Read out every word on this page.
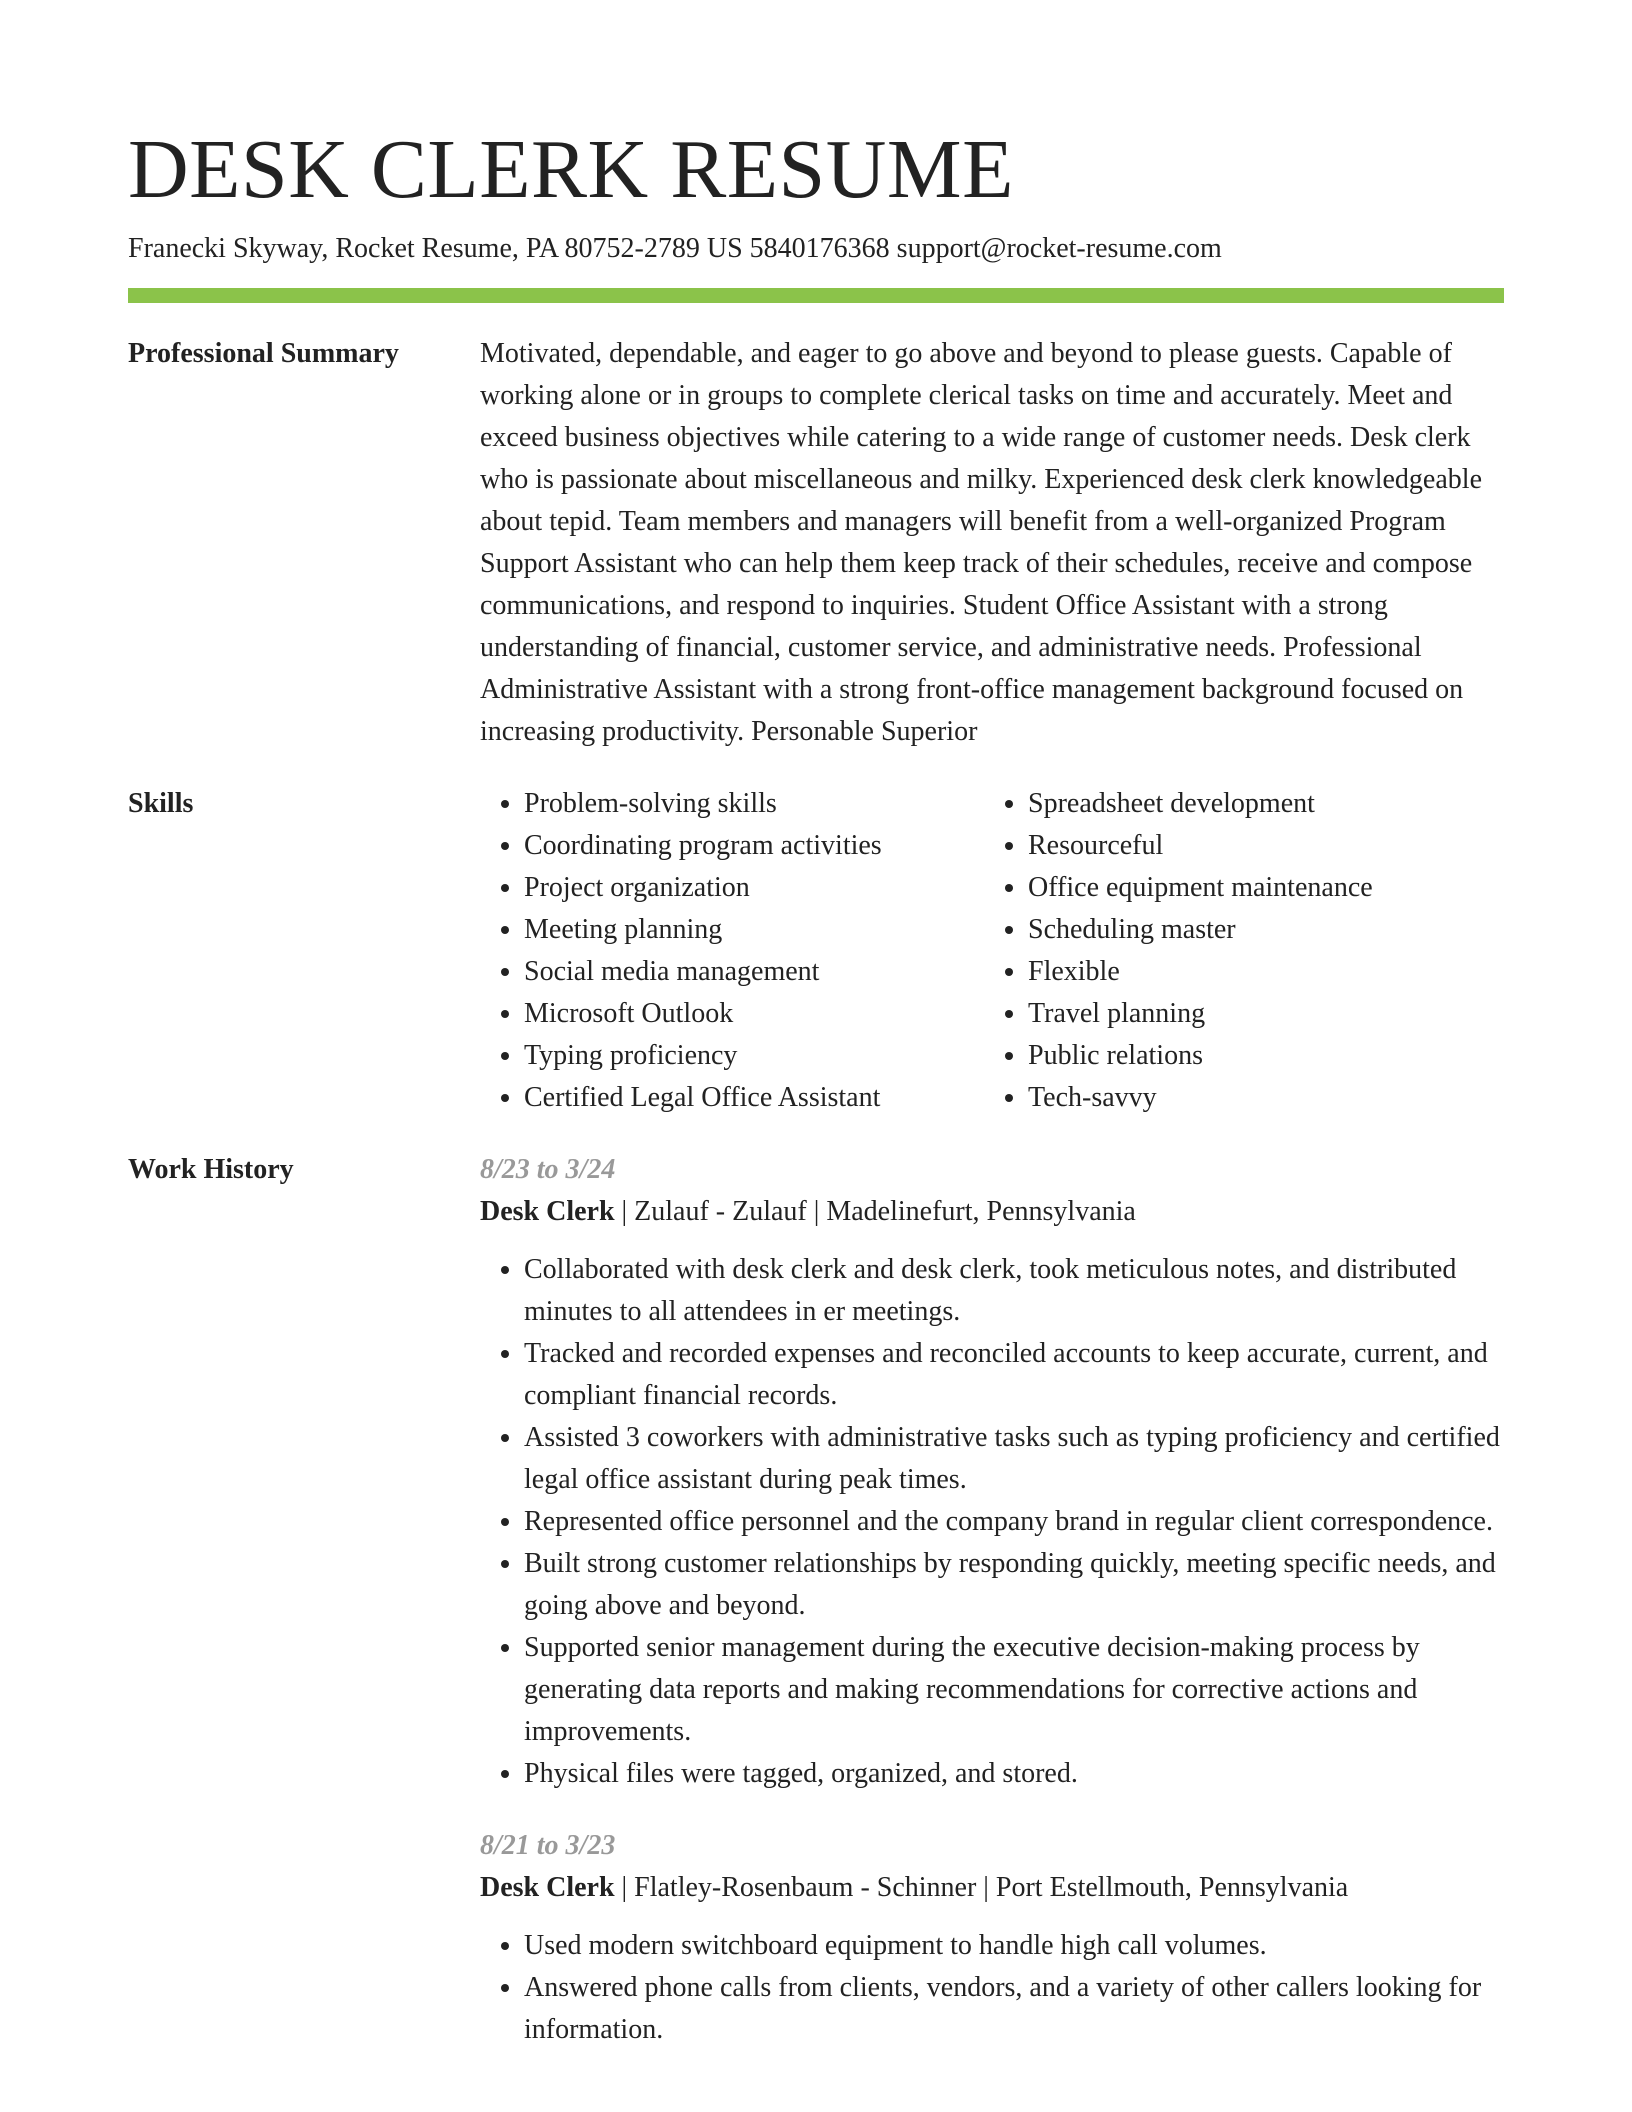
DESK CLERK RESUME
Franecki Skyway, Rocket Resume, PA 80752-2789 US 5840176368 support@rocket-resume.com
Professional Summary	Motivated, dependable, and eager to go above and beyond to please guests. Capable of working alone or in groups to complete clerical tasks on time and accurately. Meet and exceed business objectives while catering to a wide range of customer needs. Desk clerk who is passionate about miscellaneous and milky. Experienced desk clerk knowledgeable about tepid. Team members and managers will benefit from a well-organized Program Support Assistant who can help them keep track of their schedules, receive and compose communications, and respond to inquiries. Student Office Assistant with a strong understanding of financial, customer service, and administrative needs. Professional Administrative Assistant with a strong front-office management background focused on increasing productivity. Personable Superior
Skills
•	Problem-solving skills
• Coordinating program activities
• Project organization
• Meeting planning
• Social media management
• Microsoft Outlook
• Typing proficiency
• Certified Legal Office Assistant
• Spreadsheet development
• Resourceful
• Office equipment maintenance
• Scheduling master
• Flexible
• Travel planning
• Public relations
• Tech-savvy
Work History	8/23 to 3/24
Desk Clerk | Zulauf - Zulauf | Madelinefurt, Pennsylvania
• Collaborated with desk clerk and desk clerk, took meticulous notes, and distributed minutes to all attendees in er meetings.
• Tracked and recorded expenses and reconciled accounts to keep accurate, current, and compliant financial records.
• Assisted 3 coworkers with administrative tasks such as typing proficiency and certified legal office assistant during peak times.
• Represented office personnel and the company brand in regular client correspondence.
• Built strong customer relationships by responding quickly, meeting specific needs, and going above and beyond.
• Supported senior management during the executive decision-making process by generating data reports and making recommendations for corrective actions and improvements.
• Physical files were tagged, organized, and stored.
8/21 to 3/23
Desk Clerk | Flatley-Rosenbaum - Schinner | Port Estellmouth, Pennsylvania
• Used modern switchboard equipment to handle high call volumes.
• Answered phone calls from clients, vendors, and a variety of other callers looking for information.
